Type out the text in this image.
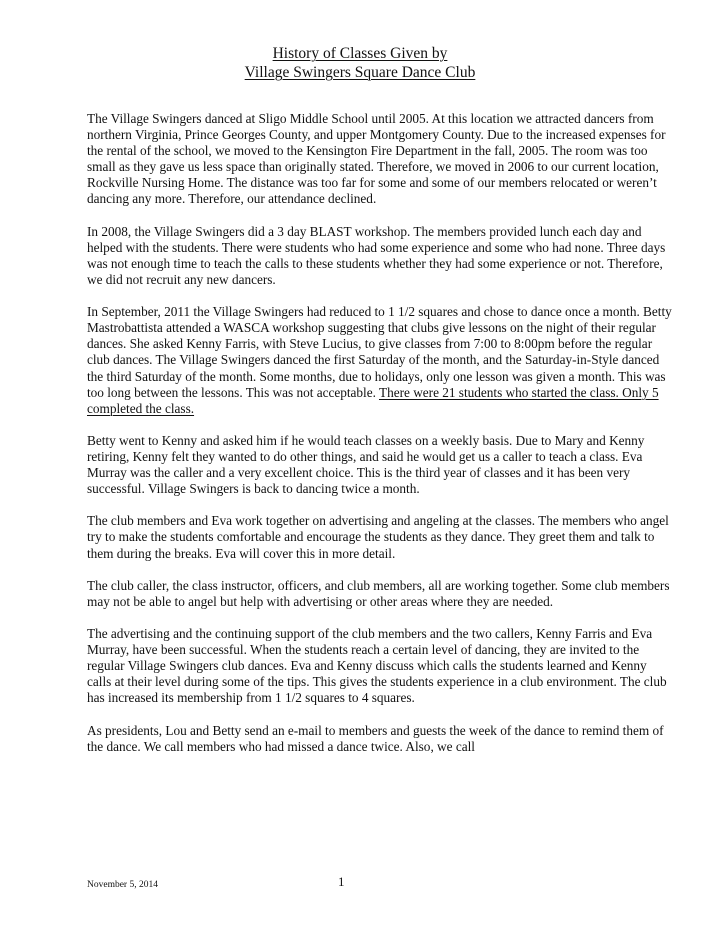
History of Classes Given by
Village Swingers Square Dance Club

The Village Swingers danced at Sligo Middle School until 2005. At this location we attracted dancers from northern Virginia, Prince Georges County, and upper Montgomery County. Due to the increased expenses for the rental of the school, we moved to the Kensington Fire Department in the fall, 2005. The room was too small as they gave us less space than originally stated. Therefore, we moved in 2006 to our current location, Rockville Nursing Home. The distance was too far for some and some of our members relocated or weren’t dancing any more. Therefore, our attendance declined.

In 2008, the Village Swingers did a 3 day BLAST workshop. The members provided lunch each day and helped with the students. There were students who had some experience and some who had none. Three days was not enough time to teach the calls to these students whether they had some experience or not. Therefore, we did not recruit any new dancers.

In September, 2011 the Village Swingers had reduced to 1 1/2 squares and chose to dance once a month. Betty Mastrobattista attended a WASCA workshop suggesting that clubs give lessons on the night of their regular dances. She asked Kenny Farris, with Steve Lucius, to give classes from 7:00 to 8:00pm before the regular club dances. The Village Swingers danced the first Saturday of the month, and the Saturday-in-Style danced the third Saturday of the month. Some months, due to holidays, only one lesson was given a month. This was too long between the lessons. This was not acceptable. There were 21 students who started the class. Only 5 completed the class.

Betty went to Kenny and asked him if he would teach classes on a weekly basis. Due to Mary and Kenny retiring, Kenny felt they wanted to do other things, and said he would get us a caller to teach a class. Eva Murray was the caller and a very excellent choice. This is the third year of classes and it has been very successful. Village Swingers is back to dancing twice a month.

The club members and Eva work together on advertising and angeling at the classes. The members who angel try to make the students comfortable and encourage the students as they dance. They greet them and talk to them during the breaks. Eva will cover this in more detail.

The club caller, the class instructor, officers, and club members, all are working together. Some club members may not be able to angel but help with advertising or other areas where they are needed.

The advertising and the continuing support of the club members and the two callers, Kenny Farris and Eva Murray, have been successful. When the students reach a certain level of dancing, they are invited to the regular Village Swingers club dances. Eva and Kenny discuss which calls the students learned and Kenny calls at their level during some of the tips. This gives the students experience in a club environment. The club has increased its membership from 1 1/2 squares to 4 squares.

As presidents, Lou and Betty send an e-mail to members and guests the week of the dance to remind them of the dance. We call members who had missed a dance twice. Also, we call

November 5, 2014	1
